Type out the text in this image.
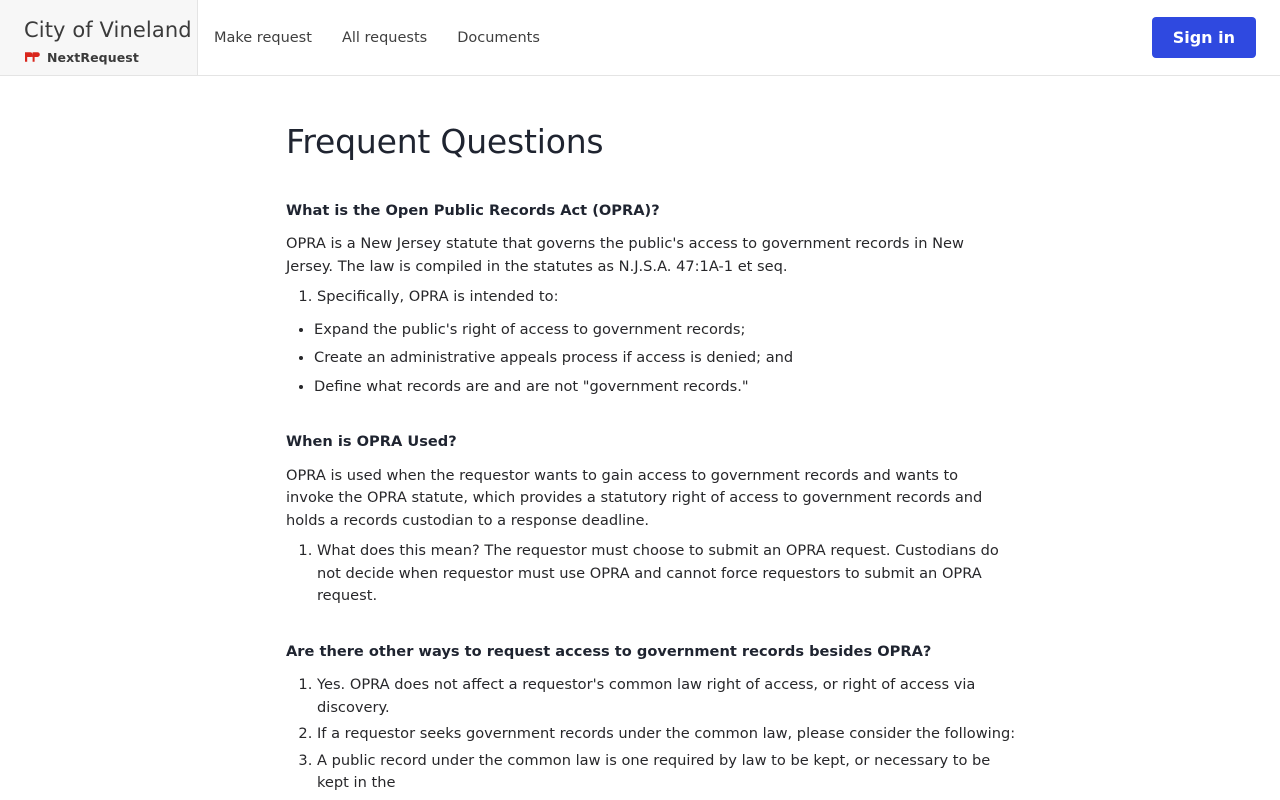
City of Vineland
NextRequest
Make request All requests Documents	Sign in
Frequent Questions
What is the Open Public Records Act (OPRA)?

OPRA is a New Jersey statute that governs the public's access to government records in New Jersey. The law is compiled in the statutes as N.J.S.A. 47:1A-1 et seq.

1. Specifically, OPRA is intended to:
• Expand the public's right of access to government records;
• Create an administrative appeals process if access is denied; and
• Define what records are and are not "government records."
When is OPRA Used?

OPRA is used when the requestor wants to gain access to government records and wants to invoke the OPRA statute, which provides a statutory right of access to government records and holds a records custodian to a response deadline.

1. What does this mean? The requestor must choose to submit an OPRA request. Custodians do not decide when requestor must use OPRA and cannot force requestors to submit an OPRA request.
Are there other ways to request access to government records besides OPRA?
1. Yes. OPRA does not affect a requestor's common law right of access, or right of access via discovery.
2. If a requestor seeks government records under the common law, please consider the following:
3. A public record under the common law is one required by law to be kept, or necessary to be kept in the
